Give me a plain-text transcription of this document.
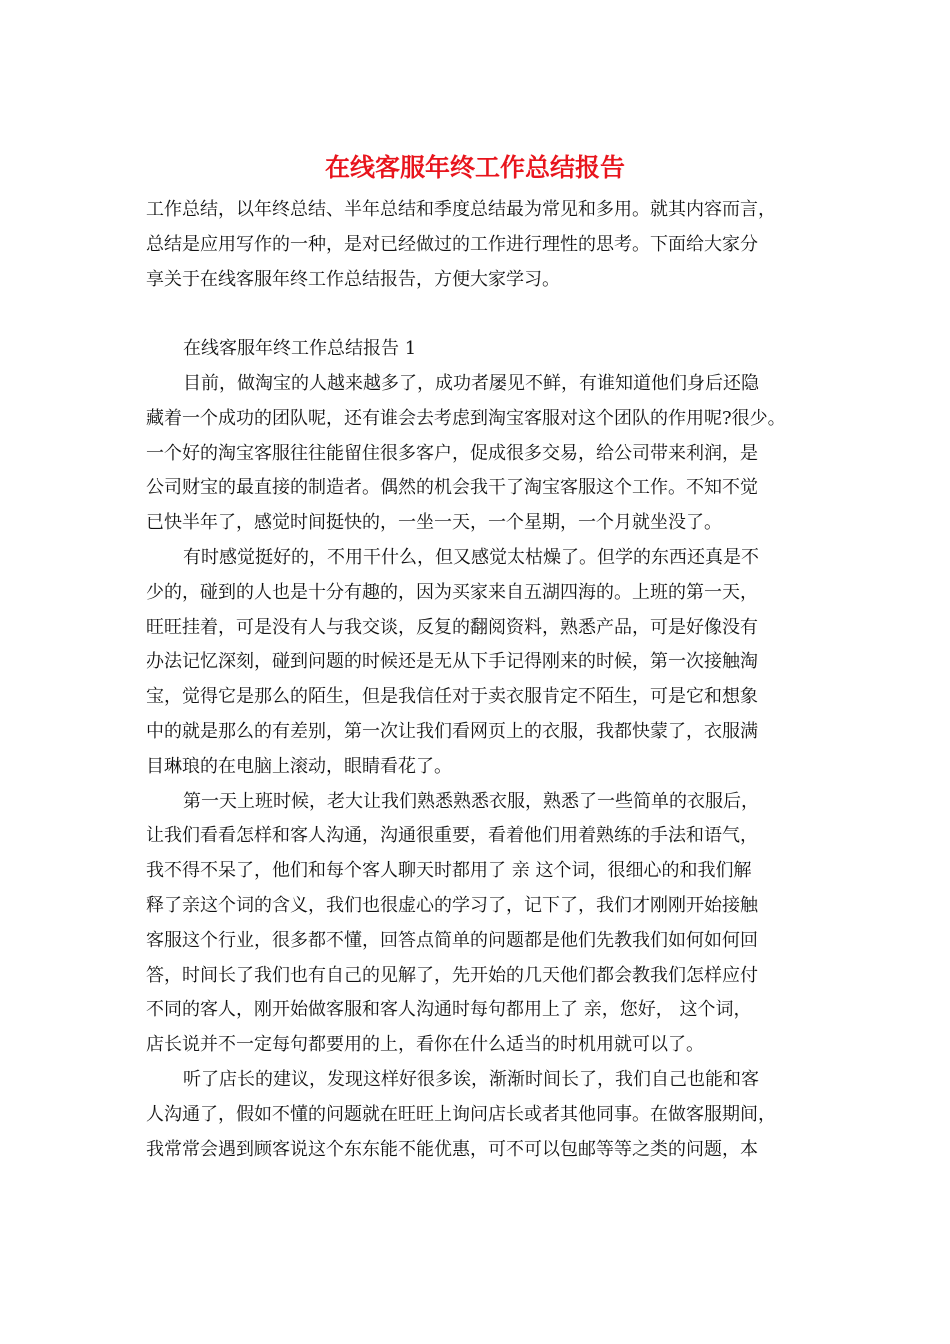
在线客服年终工作总结报告
工作总结，以年终总结、半年总结和季度总结最为常见和多用。就其内容而言，
总结是应用写作的一种，是对已经做过的工作进行理性的思考。下面给大家分
享关于在线客服年终工作总结报告，方便大家学习。
在线客服年终工作总结报告 1
目前，做淘宝的人越来越多了，成功者屡见不鲜，有谁知道他们身后还隐
藏着一个成功的团队呢，还有谁会去考虑到淘宝客服对这个团队的作用呢?很少。
一个好的淘宝客服往往能留住很多客户，促成很多交易，给公司带来利润，是
公司财宝的最直接的制造者。偶然的机会我干了淘宝客服这个工作。不知不觉
已快半年了，感觉时间挺快的，一坐一天，一个星期，一个月就坐没了。
有时感觉挺好的，不用干什么，但又感觉太枯燥了。但学的东西还真是不
少的，碰到的人也是十分有趣的，因为买家来自五湖四海的。上班的第一天，
旺旺挂着，可是没有人与我交谈，反复的翻阅资料，熟悉产品，可是好像没有
办法记忆深刻，碰到问题的时候还是无从下手记得刚来的时候，第一次接触淘
宝，觉得它是那么的陌生，但是我信任对于卖衣服肯定不陌生，可是它和想象
中的就是那么的有差别，第一次让我们看网页上的衣服，我都快蒙了，衣服满
目琳琅的在电脑上滚动，眼睛看花了。
第一天上班时候，老大让我们熟悉熟悉衣服，熟悉了一些简单的衣服后，
让我们看看怎样和客人沟通，沟通很重要，看着他们用着熟练的手法和语气，
我不得不呆了，他们和每个客人聊天时都用了 亲 这个词，很细心的和我们解
释了亲这个词的含义，我们也很虚心的学习了，记下了，我们才刚刚开始接触
客服这个行业，很多都不懂，回答点简单的问题都是他们先教我们如何如何回
答，时间长了我们也有自己的见解了，先开始的几天他们都会教我们怎样应付
不同的客人，刚开始做客服和客人沟通时每句都用上了 亲，您好， 这个词，
店长说并不一定每句都要用的上，看你在什么适当的时机用就可以了。
听了店长的建议，发现这样好很多诶，渐渐时间长了，我们自己也能和客
人沟通了，假如不懂的问题就在旺旺上询问店长或者其他同事。在做客服期间，
我常常会遇到顾客说这个东东能不能优惠，可不可以包邮等等之类的问题，本
